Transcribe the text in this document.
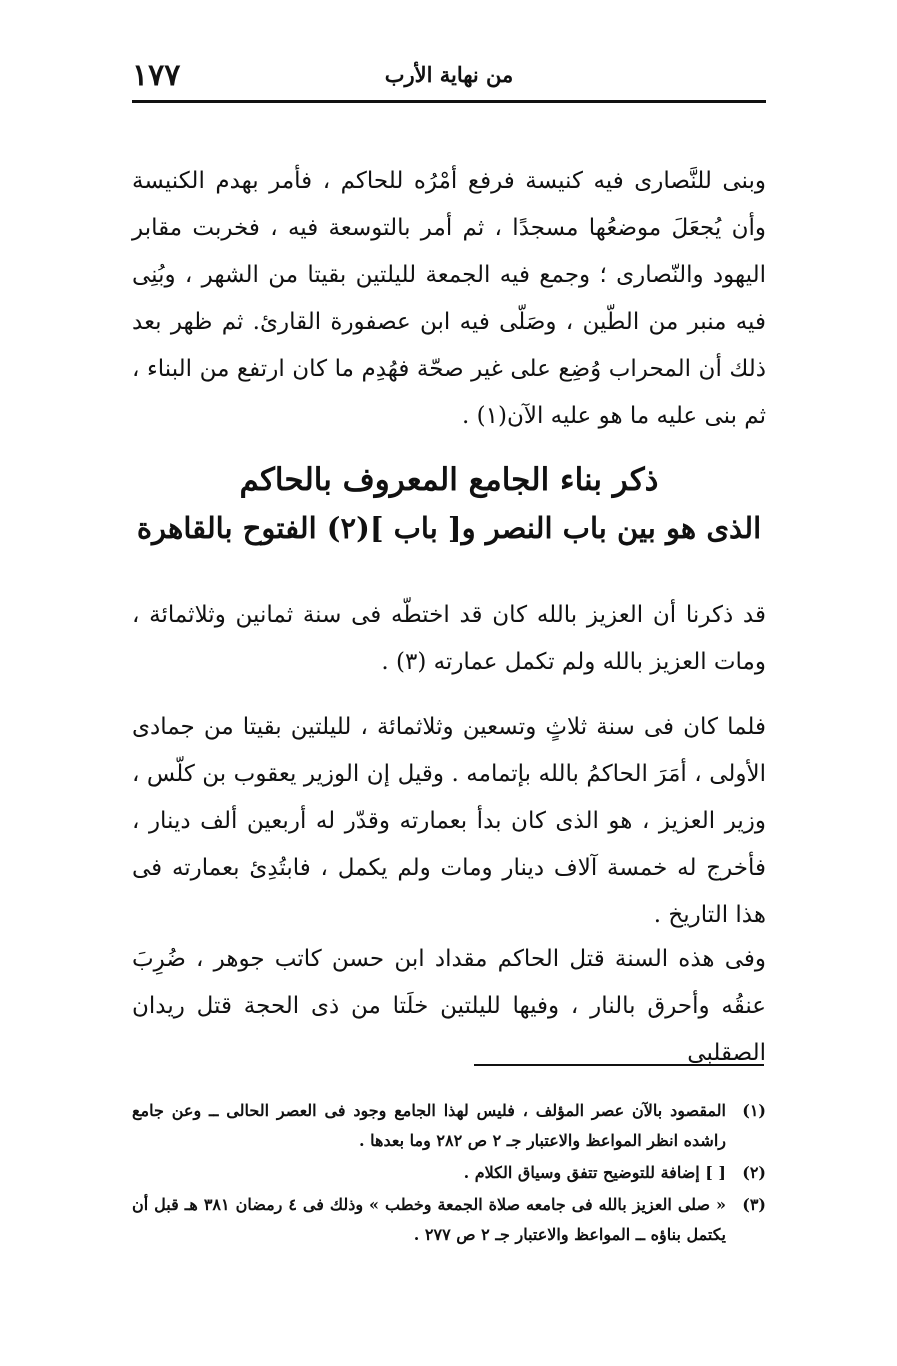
من نهاية الأرب
١٧٧

وبنى للنَّصارى فيه كنيسة فرفع أمْرُه للحاكم ، فأمر بهدم الكنيسة وأن يُجعَلَ موضعُها مسجدًا ، ثم أمر بالتوسعة فيه ، فخربت مقابر اليهود والنّصارى ؛ وجمع فيه الجمعة لليلتين بقيتا من الشهر ، وبُنِى فيه منبر من الطّين ، وصَلّى فيه ابن عصفورة القارئ. ثم ظهر بعد ذلك أن المحراب وُضِع على غير صحّة فهُدِم ما كان ارتفع من البناء ، ثم بنى عليه ما هو عليه الآن(١) .

ذكر بناء الجامع المعروف بالحاكم
الذى هو بين باب النصر و[ باب ](٢) الفتوح بالقاهرة

قد ذكرنا أن العزيز بالله كان قد اختطّه فى سنة ثمانين وثلاثمائة ، ومات العزيز بالله ولم تكمل عمارته (٣) .

فلما كان فى سنة ثلاثٍ وتسعين وثلاثمائة ، لليلتين بقيتا من جمادى الأولى ، أمَرَ الحاكمُ بالله بإتمامه . وقيل إن الوزير يعقوب بن كلّس ، وزير العزيز ، هو الذى كان بدأ بعمارته وقدّر له أربعين ألف دينار ، فأخرج له خمسة آلاف دينار ومات ولم يكمل ، فابتُدِئ بعمارته فى هذا التاريخ .

وفى هذه السنة قتل الحاكم مقداد ابن حسن كاتب جوهر ، ضُرِبَ عنقُه وأحرق بالنار ، وفيها لليلتين خلَتا من ذى الحجة قتل ريدان الصقلبى

(١)
المقصود بالآن عصر المؤلف ، فليس لهذا الجامع وجود فى العصر الحالى ــ وعن جامع راشده انظر المواعظ والاعتبار جـ ٢ ص ٢٨٢ وما بعدها .
(٢)
[ ] إضافة للتوضيح تتفق وسياق الكلام .
(٣)
« صلى العزيز بالله فى جامعه صلاة الجمعة وخطب » وذلك فى ٤ رمضان ٣٨١ هـ قبل أن يكتمل بناؤه ــ المواعظ والاعتبار جـ ٢ ص ٢٧٧ .
